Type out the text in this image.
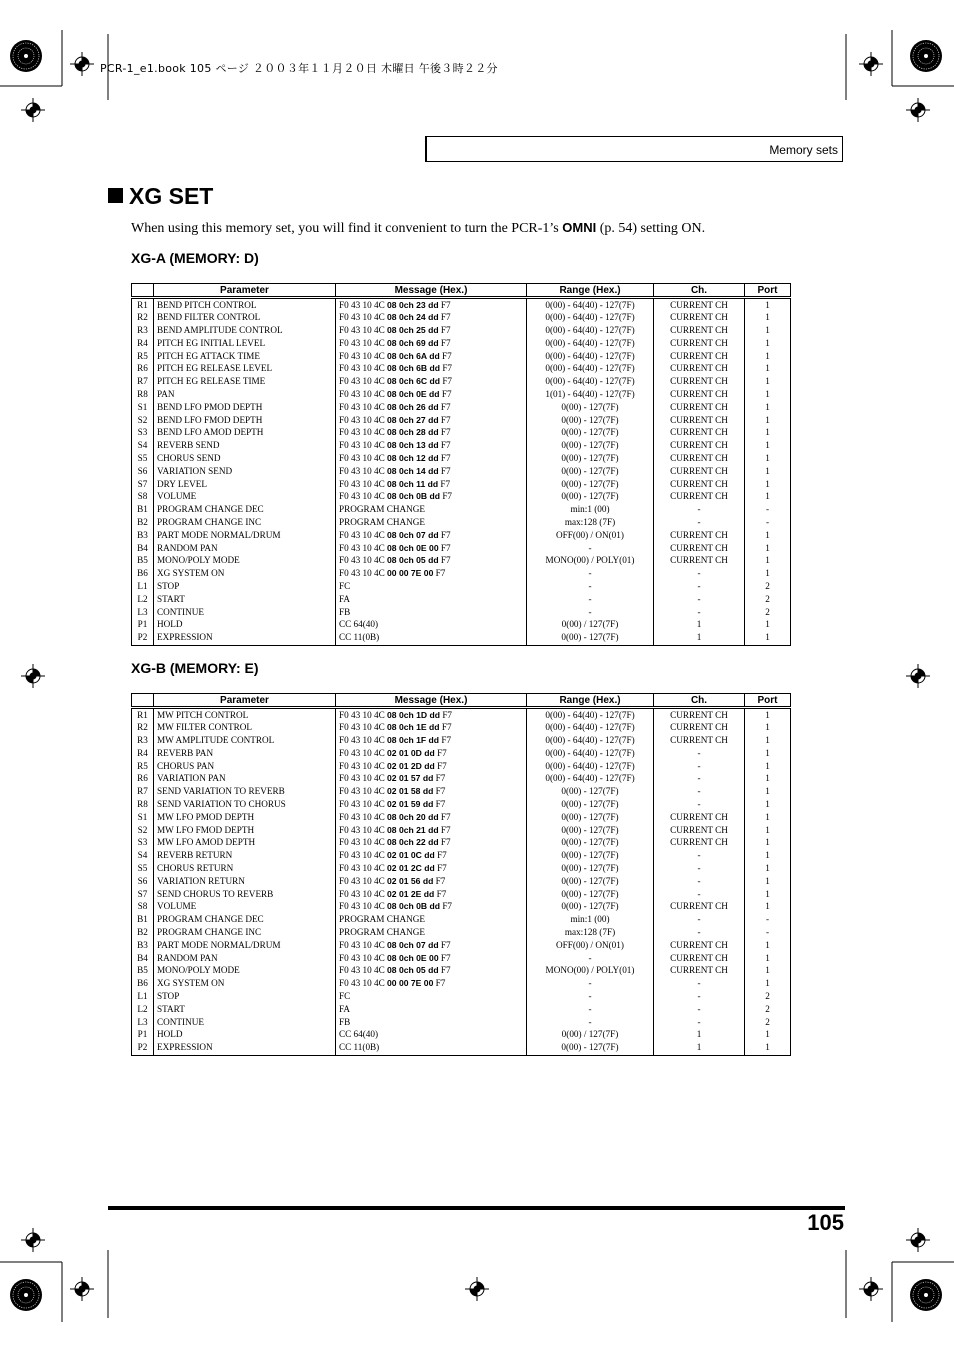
PCR-1_e1.book 105 ページ ２００３年１１月２０日 木曜日 午後３時２２分
Memory sets
XG SET
When using this memory set, you will find it convenient to turn the PCR-1’s OMNI (p. 54) setting ON.
XG-A (MEMORY: D)
	Parameter	Message (Hex.)	Range (Hex.)	Ch.	Port
R1	BEND PITCH CONTROL	F0 43 10 4C 08 0ch 23 dd F7	0(00) - 64(40) - 127(7F)	CURRENT CH	1
R2	BEND FILTER CONTROL	F0 43 10 4C 08 0ch 24 dd F7	0(00) - 64(40) - 127(7F)	CURRENT CH	1
R3	BEND AMPLITUDE CONTROL	F0 43 10 4C 08 0ch 25 dd F7	0(00) - 64(40) - 127(7F)	CURRENT CH	1
R4	PITCH EG INITIAL LEVEL	F0 43 10 4C 08 0ch 69 dd F7	0(00) - 64(40) - 127(7F)	CURRENT CH	1
R5	PITCH EG ATTACK TIME	F0 43 10 4C 08 0ch 6A dd F7	0(00) - 64(40) - 127(7F)	CURRENT CH	1
R6	PITCH EG RELEASE LEVEL	F0 43 10 4C 08 0ch 6B dd F7	0(00) - 64(40) - 127(7F)	CURRENT CH	1
R7	PITCH EG RELEASE TIME	F0 43 10 4C 08 0ch 6C dd F7	0(00) - 64(40) - 127(7F)	CURRENT CH	1
R8	PAN	F0 43 10 4C 08 0ch 0E dd F7	1(01) - 64(40) - 127(7F)	CURRENT CH	1
S1	BEND LFO PMOD DEPTH	F0 43 10 4C 08 0ch 26 dd F7	0(00) - 127(7F)	CURRENT CH	1
S2	BEND LFO FMOD DEPTH	F0 43 10 4C 08 0ch 27 dd F7	0(00) - 127(7F)	CURRENT CH	1
S3	BEND LFO AMOD DEPTH	F0 43 10 4C 08 0ch 28 dd F7	0(00) - 127(7F)	CURRENT CH	1
S4	REVERB SEND	F0 43 10 4C 08 0ch 13 dd F7	0(00) - 127(7F)	CURRENT CH	1
S5	CHORUS SEND	F0 43 10 4C 08 0ch 12 dd F7	0(00) - 127(7F)	CURRENT CH	1
S6	VARIATION SEND	F0 43 10 4C 08 0ch 14 dd F7	0(00) - 127(7F)	CURRENT CH	1
S7	DRY LEVEL	F0 43 10 4C 08 0ch 11 dd F7	0(00) - 127(7F)	CURRENT CH	1
S8	VOLUME	F0 43 10 4C 08 0ch 0B dd F7	0(00) - 127(7F)	CURRENT CH	1
B1	PROGRAM CHANGE DEC	PROGRAM CHANGE	min:1 (00)	-	-
B2	PROGRAM CHANGE INC	PROGRAM CHANGE	max:128 (7F)	-	-
B3	PART MODE NORMAL/DRUM	F0 43 10 4C 08 0ch 07 dd F7	OFF(00) / ON(01)	CURRENT CH	1
B4	RANDOM PAN	F0 43 10 4C 08 0ch 0E 00 F7	-	CURRENT CH	1
B5	MONO/POLY MODE	F0 43 10 4C 08 0ch 05 dd F7	MONO(00) / POLY(01)	CURRENT CH	1
B6	XG SYSTEM ON	F0 43 10 4C 00 00 7E 00 F7	-	-	1
L1	STOP	FC	-	-	2
L2	START	FA	-	-	2
L3	CONTINUE	FB	-	-	2
P1	HOLD	CC 64(40)	0(00) / 127(7F)	1	1
P2	EXPRESSION	CC 11(0B)	0(00) - 127(7F)	1	1
XG-B (MEMORY: E)
	Parameter	Message (Hex.)	Range (Hex.)	Ch.	Port
R1	MW PITCH CONTROL	F0 43 10 4C 08 0ch 1D dd F7	0(00) - 64(40) - 127(7F)	CURRENT CH	1
R2	MW FILTER CONTROL	F0 43 10 4C 08 0ch 1E dd F7	0(00) - 64(40) - 127(7F)	CURRENT CH	1
R3	MW AMPLITUDE CONTROL	F0 43 10 4C 08 0ch 1F dd F7	0(00) - 64(40) - 127(7F)	CURRENT CH	1
R4	REVERB PAN	F0 43 10 4C 02 01 0D dd F7	0(00) - 64(40) - 127(7F)	-	1
R5	CHORUS PAN	F0 43 10 4C 02 01 2D dd F7	0(00) - 64(40) - 127(7F)	-	1
R6	VARIATION PAN	F0 43 10 4C 02 01 57 dd F7	0(00) - 64(40) - 127(7F)	-	1
R7	SEND VARIATION TO REVERB	F0 43 10 4C 02 01 58 dd F7	0(00) - 127(7F)	-	1
R8	SEND VARIATION TO CHORUS	F0 43 10 4C 02 01 59 dd F7	0(00) - 127(7F)	-	1
S1	MW LFO PMOD DEPTH	F0 43 10 4C 08 0ch 20 dd F7	0(00) - 127(7F)	CURRENT CH	1
S2	MW LFO FMOD DEPTH	F0 43 10 4C 08 0ch 21 dd F7	0(00) - 127(7F)	CURRENT CH	1
S3	MW LFO AMOD DEPTH	F0 43 10 4C 08 0ch 22 dd F7	0(00) - 127(7F)	CURRENT CH	1
S4	REVERB RETURN	F0 43 10 4C 02 01 0C dd F7	0(00) - 127(7F)	-	1
S5	CHORUS RETURN	F0 43 10 4C 02 01 2C dd F7	0(00) - 127(7F)	-	1
S6	VARIATION RETURN	F0 43 10 4C 02 01 56 dd F7	0(00) - 127(7F)	-	1
S7	SEND CHORUS TO REVERB	F0 43 10 4C 02 01 2E dd F7	0(00) - 127(7F)	-	1
S8	VOLUME	F0 43 10 4C 08 0ch 0B dd F7	0(00) - 127(7F)	CURRENT CH	1
B1	PROGRAM CHANGE DEC	PROGRAM CHANGE	min:1 (00)	-	-
B2	PROGRAM CHANGE INC	PROGRAM CHANGE	max:128 (7F)	-	-
B3	PART MODE NORMAL/DRUM	F0 43 10 4C 08 0ch 07 dd F7	OFF(00) / ON(01)	CURRENT CH	1
B4	RANDOM PAN	F0 43 10 4C 08 0ch 0E 00 F7	-	CURRENT CH	1
B5	MONO/POLY MODE	F0 43 10 4C 08 0ch 05 dd F7	MONO(00) / POLY(01)	CURRENT CH	1
B6	XG SYSTEM ON	F0 43 10 4C 00 00 7E 00 F7	-	-	1
L1	STOP	FC	-	-	2
L2	START	FA	-	-	2
L3	CONTINUE	FB	-	-	2
P1	HOLD	CC 64(40)	0(00) / 127(7F)	1	1
P2	EXPRESSION	CC 11(0B)	0(00) - 127(7F)	1	1
105
